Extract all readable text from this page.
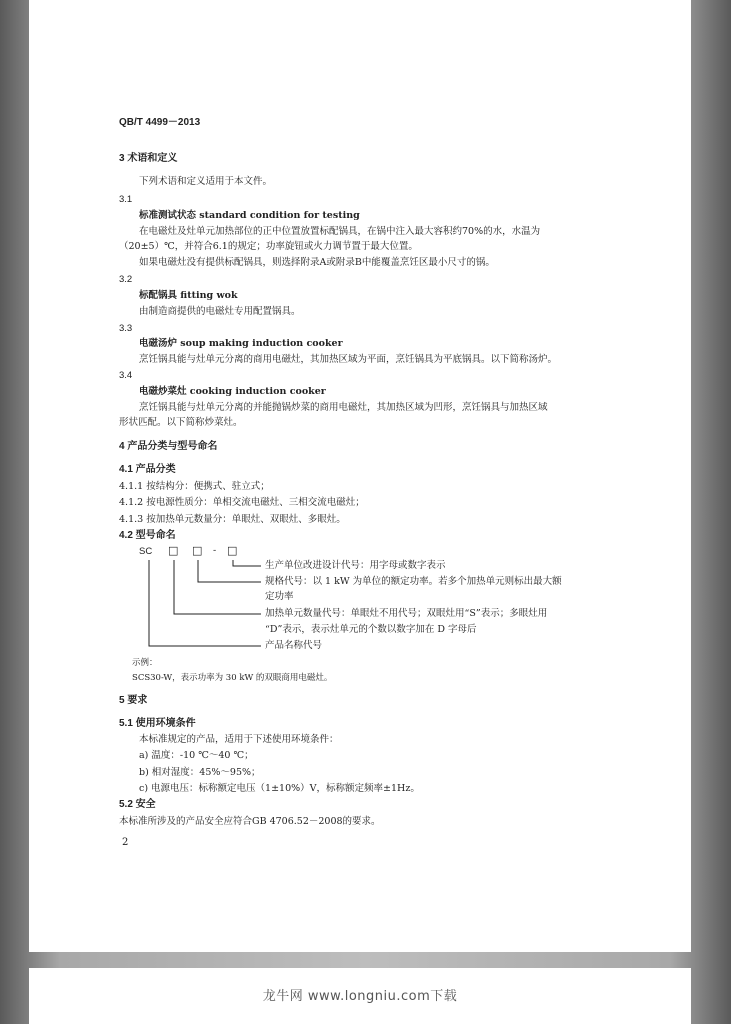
QB/T 4499－2013
3 术语和定义
下列术语和定义适用于本文件。
3.1
标准测试状态 standard condition for testing
在电磁灶及灶单元加热部位的正中位置放置标配锅具，在锅中注入最大容积约70%的水，水温为
（20±5）℃，并符合6.1的规定；功率旋钮或火力调节置于最大位置。
如果电磁灶没有提供标配锅具，则选择附录A或附录B中能覆盖烹饪区最小尺寸的锅。
3.2
标配锅具 fitting wok
由制造商提供的电磁灶专用配置锅具。
3.3
电磁汤炉 soup making induction cooker
烹饪锅具能与灶单元分离的商用电磁灶，其加热区域为平面，烹饪锅具为平底锅具。以下简称汤炉。
3.4
电磁炒菜灶 cooking induction cooker
烹饪锅具能与灶单元分离的并能抛锅炒菜的商用电磁灶，其加热区域为凹形，烹饪锅具与加热区域
形状匹配。以下简称炒菜灶。
4 产品分类与型号命名
4.1 产品分类
4.1.1 按结构分：便携式、驻立式；
4.1.2 按电源性质分：单相交流电磁灶、三相交流电磁灶；
4.1.3 按加热单元数量分：单眼灶、双眼灶、多眼灶。
4.2 型号命名
SC □ □ - □
生产单位改进设计代号：用字母或数字表示
规格代号：以 1 kW 为单位的额定功率。若多个加热单元则标出最大额
定功率
加热单元数量代号：单眼灶不用代号；双眼灶用“S”表示；多眼灶用
“D”表示，表示灶单元的个数以数字加在 D 字母后
产品名称代号
示例：
SCS30-W，表示功率为 30 kW 的双眼商用电磁灶。
5 要求
5.1 使用环境条件
本标准规定的产品，适用于下述使用环境条件：
a) 温度：-10 ℃～40 ℃；
b) 相对湿度：45%～95%；
c) 电源电压：标称额定电压（1±10%）V，标称额定频率±1Hz。
5.2 安全
本标准所涉及的产品安全应符合GB 4706.52－2008的要求。
2
龙牛网 www.longniu.com下载
